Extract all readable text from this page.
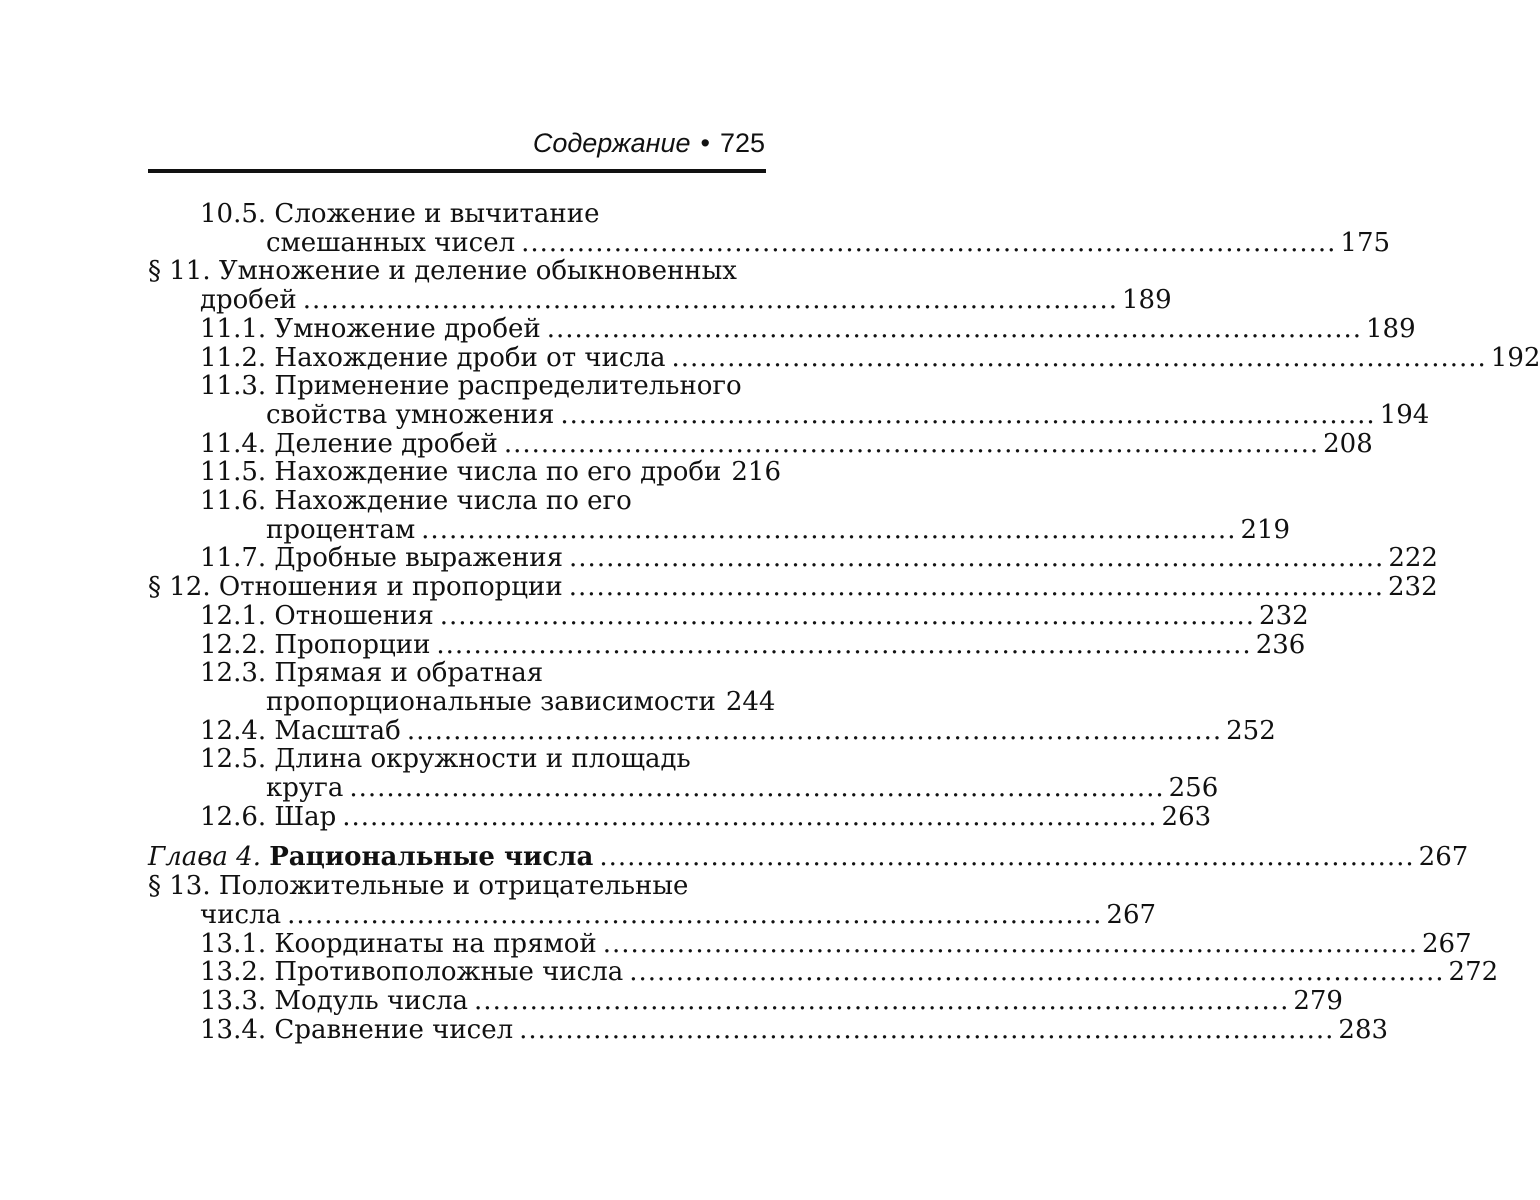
Содержание • 725
10.5. Сложение и вычитание
смешанных чисел ........................................................................................ 175
§ 11. Умножение и деление обыкновенных
дробей ........................................................................................ 189
11.1. Умножение дробей ........................................................................................ 189
11.2. Нахождение дроби от числа ........................................................................................ 192
11.3. Применение распределительного
свойства умножения ........................................................................................ 194
11.4. Деление дробей ........................................................................................ 208
11.5. Нахождение числа по его дроби 216
11.6. Нахождение числа по его
процентам ........................................................................................ 219
11.7. Дробные выражения ........................................................................................ 222
§ 12. Отношения и пропорции ........................................................................................ 232
12.1. Отношения ........................................................................................ 232
12.2. Пропорции ........................................................................................ 236
12.3. Прямая и обратная
пропорциональные зависимости 244
12.4. Масштаб ........................................................................................ 252
12.5. Длина окружности и площадь
круга ........................................................................................ 256
12.6. Шар ........................................................................................ 263
Глава 4. Рациональные числа ........................................................................................ 267
§ 13. Положительные и отрицательные
числа ........................................................................................ 267
13.1. Координаты на прямой ........................................................................................ 267
13.2. Противоположные числа ........................................................................................ 272
13.3. Модуль числа ........................................................................................ 279
13.4. Сравнение чисел ........................................................................................ 283
